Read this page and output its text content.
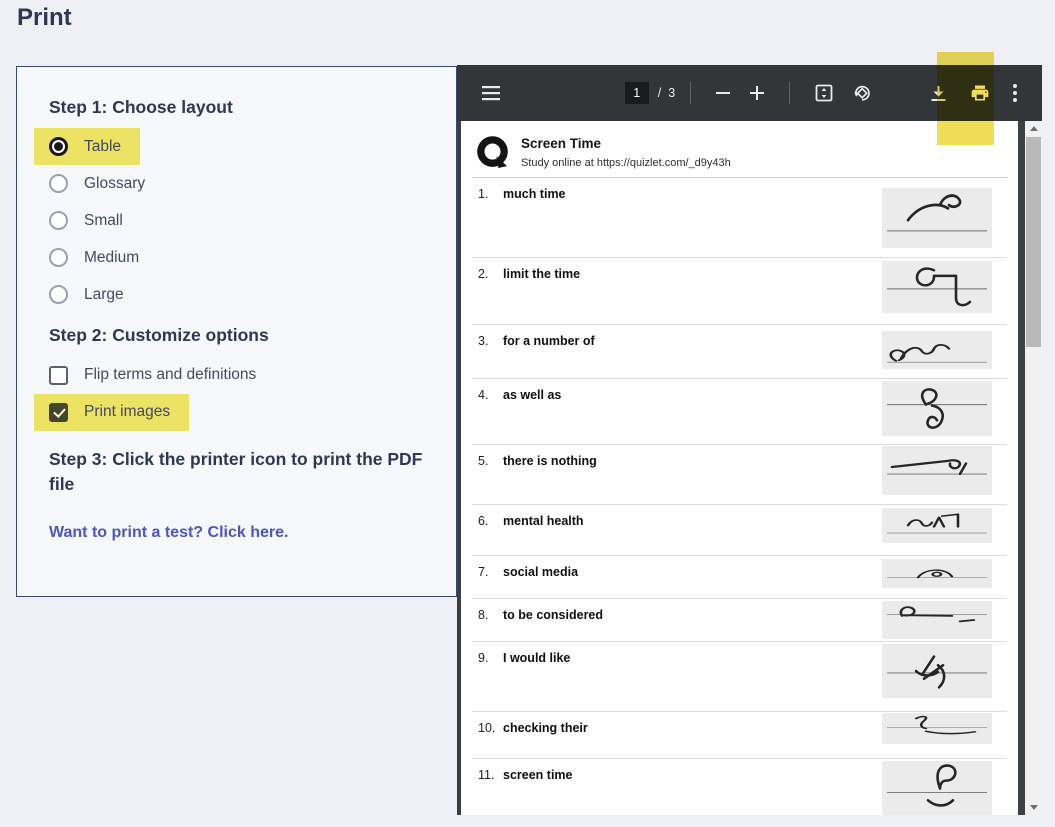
Print
Step 1: Choose layout
Table
Glossary
Small
Medium
Large
Step 2: Customize options
Flip terms and definitions
Print images
Step 3: Click the printer icon to print the PDF file
Want to print a test? Click here.
1	/ 3
Screen Time
Study online at https://quizlet.com/_d9y43h
1. much time
2. limit the time
3. for a number of
4. as well as
5. there is nothing
6. mental health
7. social media
8. to be considered
9. I would like
10. checking their
11. screen time
